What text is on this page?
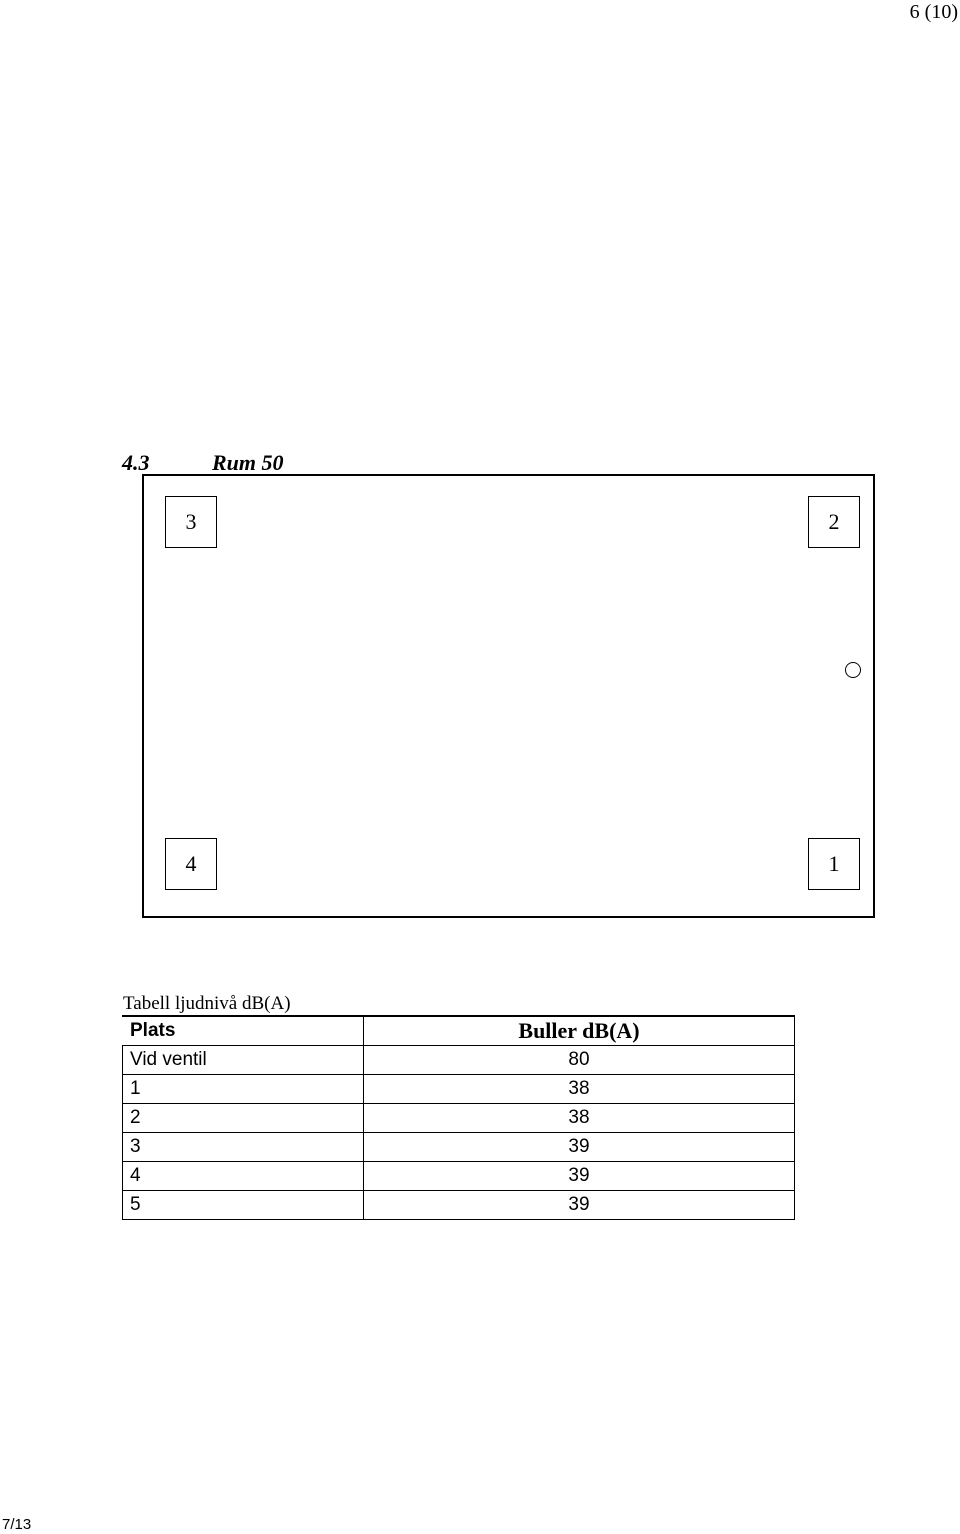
6 (10)
4.3	Rum 50
3	2
4	1
Tabell ljudnivå dB(A)
Plats	Buller dB(A)
Vid ventil	80
1	38
2	38
3	39
4	39
5	39
7/13
